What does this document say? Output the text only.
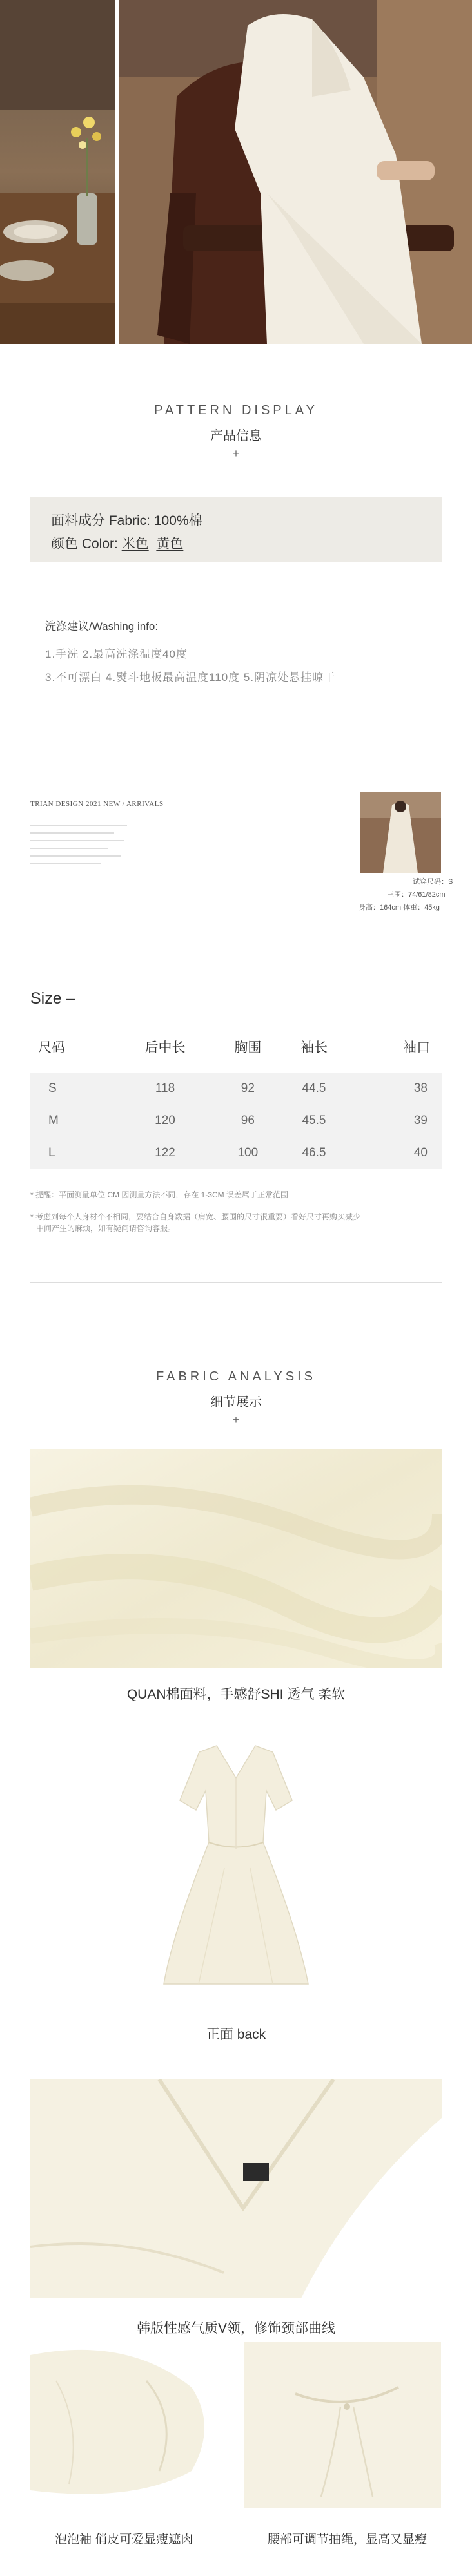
PATTERN DISPLAY
产品信息
+
面料成分 Fabric: 100%棉
颜色 Color: 米色 黄色
洗涤建议/Washing info:
1.手洗 2.最高洗涤温度40度
3.不可漂白 4.熨斗地板最高温度110度 5.阴凉处悬挂晾干
TRIAN DESIGN 2021 NEW / ARRIVALS
试穿尺码：S
三围：74/61/82cm
身高：164cm 体重：45kg
Size –
尺码	后中长	胸围	袖长	袖口
S	118	92	44.5	38
M	120	96	45.5	39
L	122	100	46.5	40
* 提醒：平面测量单位 CM 因测量方法不同，存在 1-3CM 误差属于正常范围
* 考虑到每个人身材个不相同，要结合自身数据（肩宽、腰围的尺寸很重要）看好尺寸再购买减少
中间产生的麻烦，如有疑问请咨询客服。
FABRIC ANALYSIS
细节展示
+
QUAN棉面料，手感舒SHI 透气 柔软
正面 back
韩版性感气质V领，修饰颈部曲线
泡泡袖 俏皮可爱显瘦遮肉	腰部可调节抽绳，显高又显瘦
